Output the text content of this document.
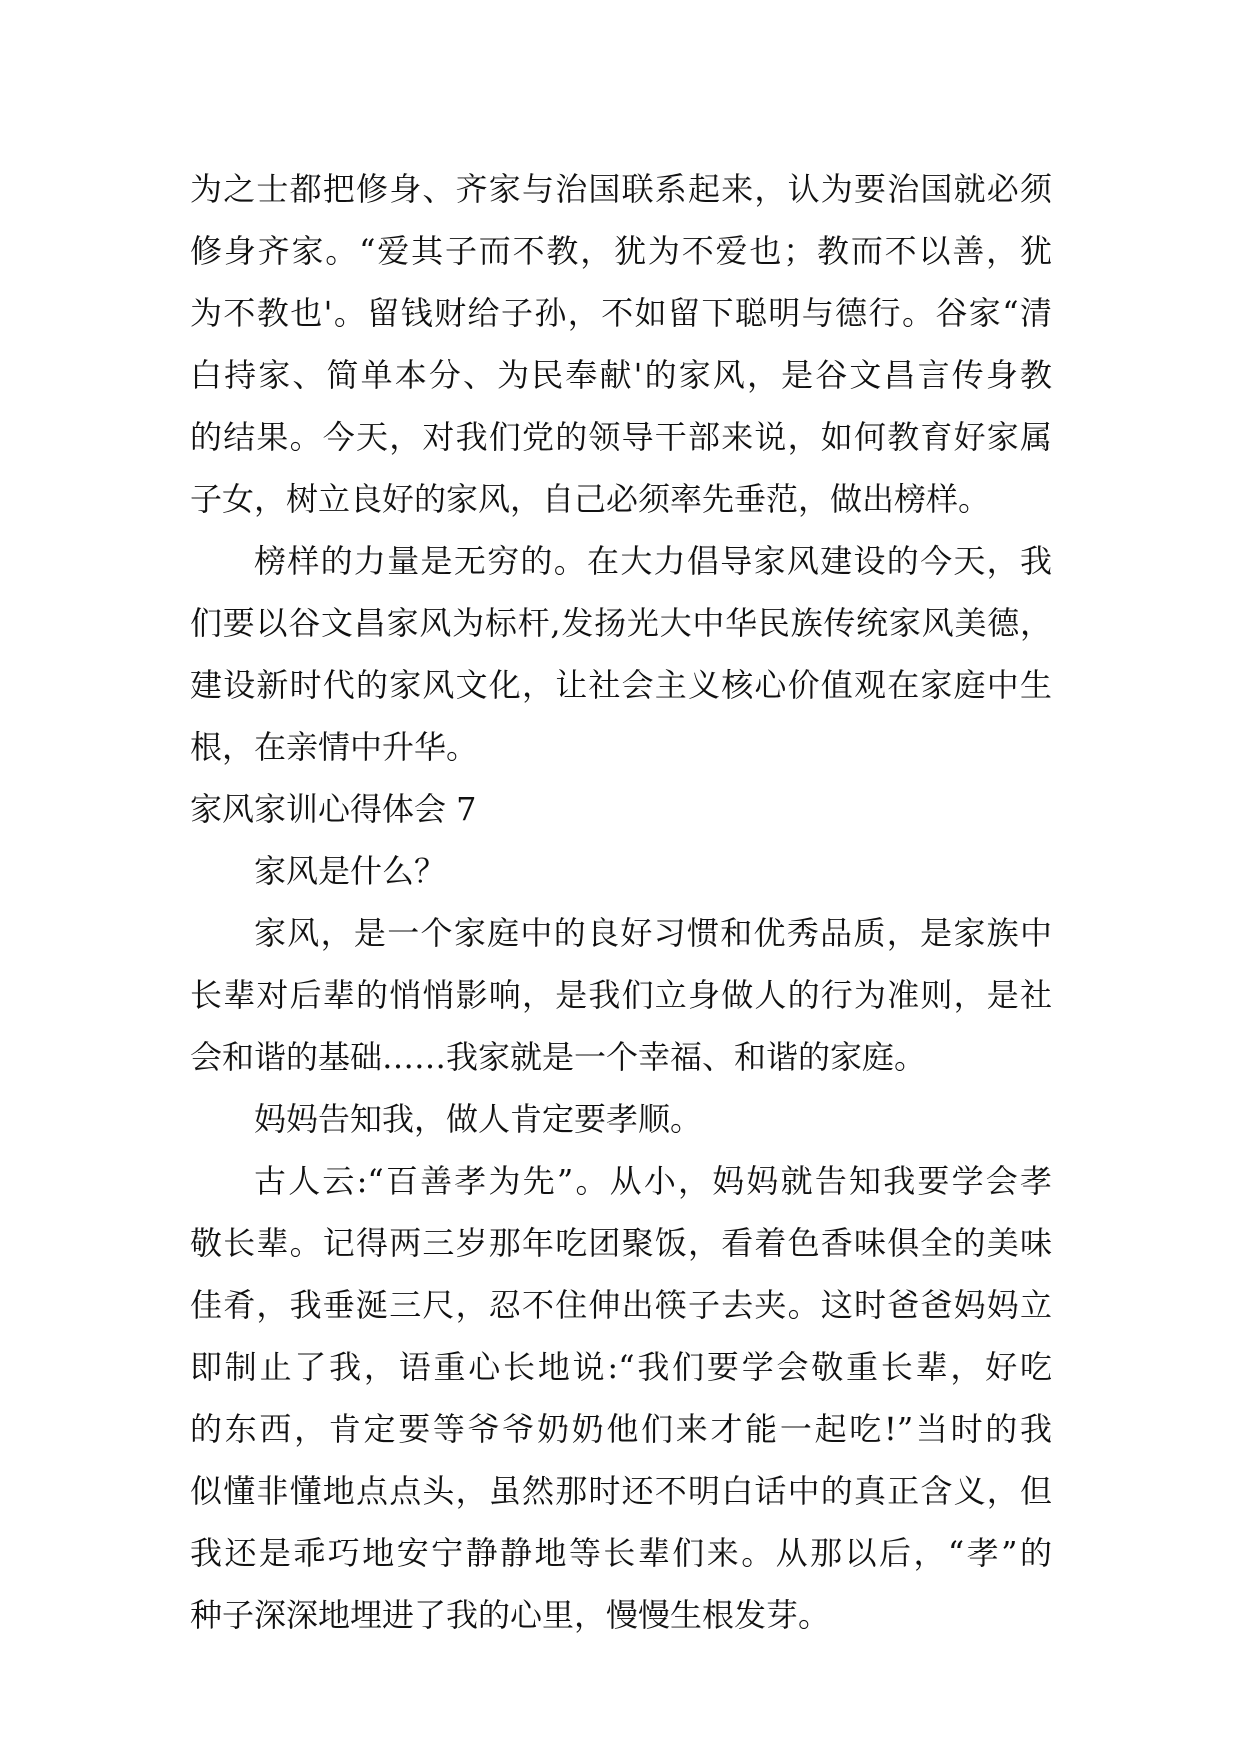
为之士都把修身、齐家与治国联系起来，认为要治国就必须
修身齐家。“爱其子而不教，犹为不爱也；教而不以善，犹
为不教也'。留钱财给子孙，不如留下聪明与德行。谷家“清
白持家、简单本分、为民奉献'的家风，是谷文昌言传身教
的结果。今天，对我们党的领导干部来说，如何教育好家属
子女，树立良好的家风，自己必须率先垂范，做出榜样。
榜样的力量是无穷的。在大力倡导家风建设的今天，我
们要以谷文昌家风为标杆,发扬光大中华民族传统家风美德，
建设新时代的家风文化，让社会主义核心价值观在家庭中生
根，在亲情中升华。
家风家训心得体会 7
家风是什么？
家风，是一个家庭中的良好习惯和优秀品质，是家族中
长辈对后辈的悄悄影响，是我们立身做人的行为准则，是社
会和谐的基础……我家就是一个幸福、和谐的家庭。
妈妈告知我，做人肯定要孝顺。
古人云:“百善孝为先”。从小，妈妈就告知我要学会孝
敬长辈。记得两三岁那年吃团聚饭，看着色香味俱全的美味
佳肴，我垂涎三尺，忍不住伸出筷子去夹。这时爸爸妈妈立
即制止了我，语重心长地说:“我们要学会敬重长辈，好吃
的东西，肯定要等爷爷奶奶他们来才能一起吃!”当时的我
似懂非懂地点点头，虽然那时还不明白话中的真正含义，但
我还是乖巧地安宁静静地等长辈们来。从那以后，“孝”的
种子深深地埋进了我的心里，慢慢生根发芽。
